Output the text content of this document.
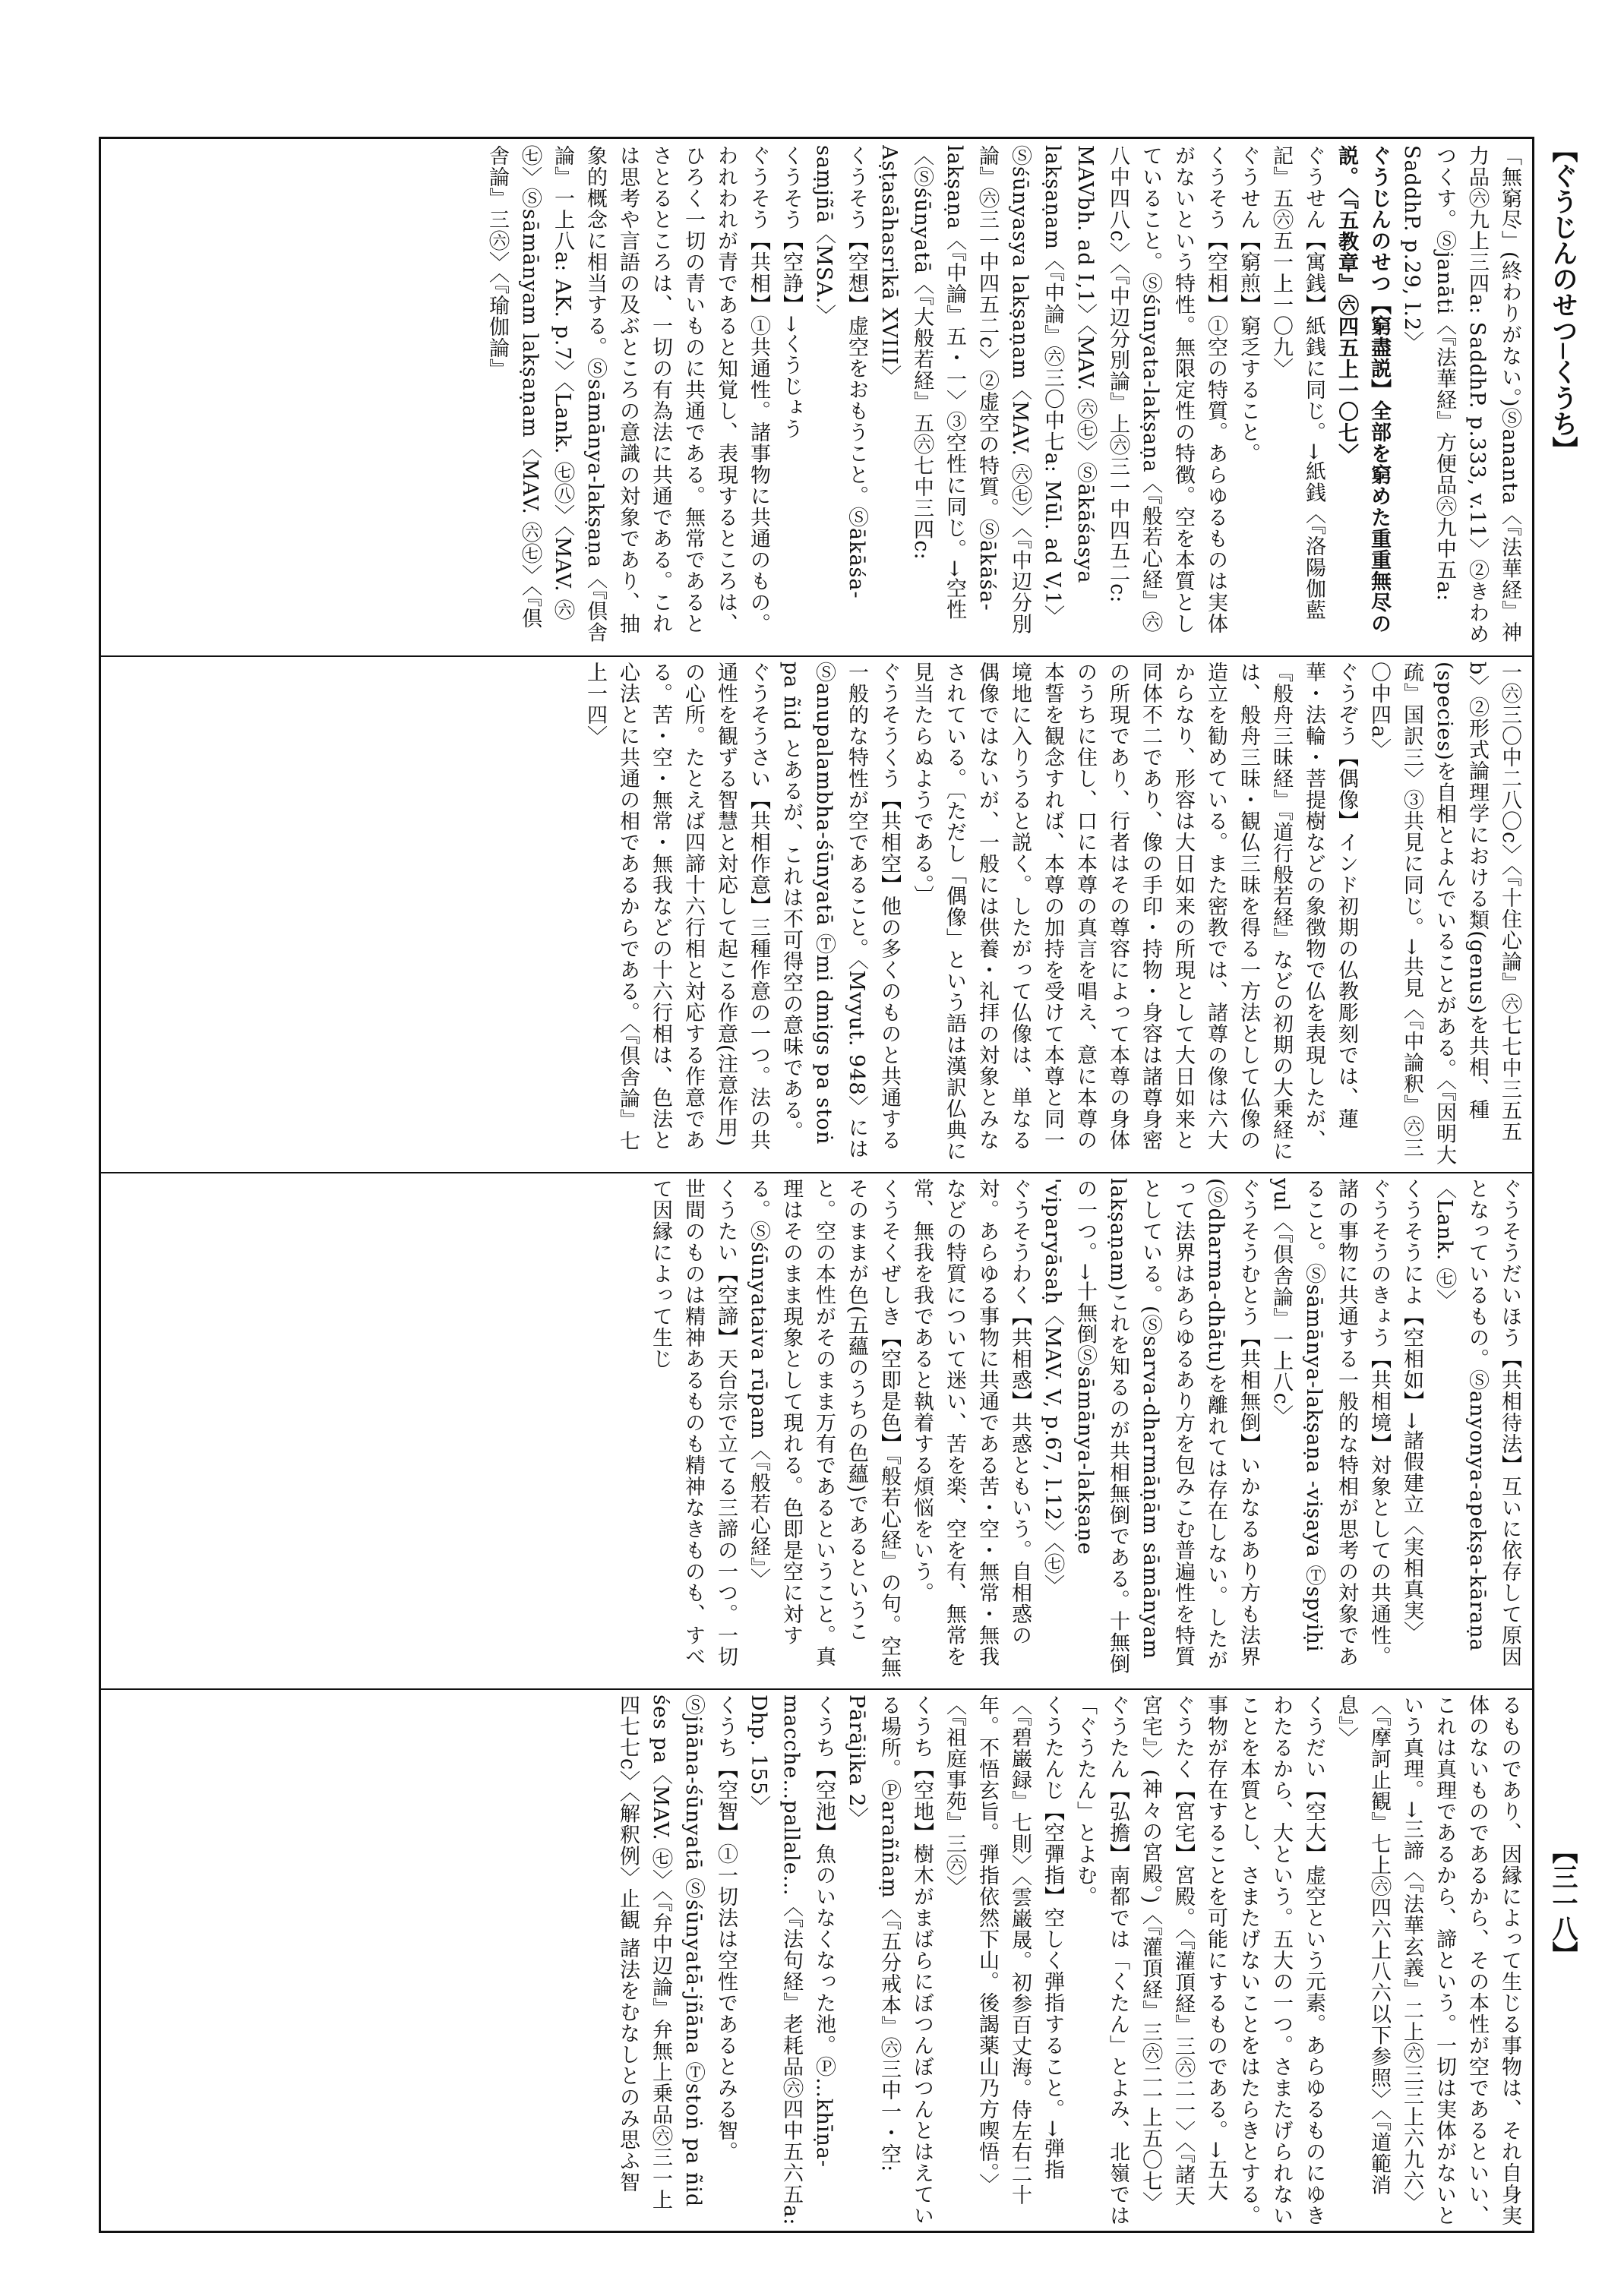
【ぐうじんのせつ─くうち】
【三一八】
「無窮尽」(終わりがない。)Ⓢananta〈『法華経』神力品㊅九㆖三四a: SaddhP. p.333, v.11〉②きわめつくす。Ⓢjanāti〈『法華経』方便品㊅九㆗五a: SaddhP. p.29, l.2〉
ぐうじんのせつ【窮盡説】全部を窮めた重重無尽の説。〈『五教章』㊅四五㆖一〇七〉
ぐうせん【寓銭】紙銭に同じ。→紙銭〈『洛陽伽藍記』五㊅五一㆖一〇九〉
ぐうせん【窮煎】窮乏すること。
くうそう【空相】①空の特質。あらゆるものは実体がないという特性。無限定性の特徴。空を本質としていること。Ⓢśūnyata-lakṣaṇa〈『般若心経』㊅八㆗四八c〉〈『中辺分別論』上㊅三一㆗四五二c: MAVbh. ad I,1〉〈MAV. ㊅㊆〉Ⓢākāśasya lakṣaṇam〈『中論』㊅三〇㆗七a: Mūl. ad V,1〉Ⓢśūnyasya lakṣaṇam〈MAV. ㊅㊆〉〈『中辺分別論』㊅三一㆗四五二c〉②虚空の特質。Ⓢākāśa-lakṣaṇa〈『中論』五・一〉③空性に同じ。→空性〈Ⓢśūnyatā〈『大般若経』五㊅七㆗三四c: Aṣṭasāhasrikā XVIII〉
くうそう【空想】虚空をおもうこと。Ⓢākāśa-saṃjñā〈MSA.〉
くうそう【空諍】→くうじょう
ぐうそう【共相】①共通性。諸事物に共通のもの。われわれが青であると知覚し、表現するところは、ひろく一切の青いものに共通である。無常であるとさとるところは、一切の有為法に共通である。これは思考や言語の及ぶところの意識の対象であり、抽象的概念に相当する。Ⓢsāmānya-lakṣaṇa〈『倶舎論』一㆖八a: AK. p.7〉〈Lank. ㊆㊇〉〈MAV. ㊅㊆〉Ⓢsāmānyam lakṣaṇam〈MAV. ㊅㊆〉〈『倶舎論』三㊅〉〈『瑜伽論』
一㊅三〇㆗二八〇c〉〈『十住心論』㊅七七㆗三五五b〉②形式論理学における類(genus)を共相、種(species)を自相とよんでいることがある。〈『因明大疏』国訳三〉③共見に同じ。→共見〈『中論釈』㊅三〇㆗四a〉
ぐうぞう【偶像】インド初期の仏教彫刻では、蓮華・法輪・菩提樹などの象徴物で仏を表現したが、『般舟三昧経』『道行般若経』などの初期の大乗経には、般舟三昧・観仏三昧を得る一方法として仏像の造立を勧めている。また密教では、諸尊の像は六大からなり、形容は大日如来の所現として大日如来と同体不二であり、像の手印・持物・身容は諸尊身密の所現であり、行者はその尊容によって本尊の身体のうちに住し、口に本尊の真言を唱え、意に本尊の本誓を観念すれば、本尊の加持を受けて本尊と同一境地に入りうると説く。したがって仏像は、単なる偶像ではないが、一般には供養・礼拝の対象とみなされている。〔ただし「偶像」という語は漢訳仏典に見当たらぬようである。〕
ぐうそうくう【共相空】他の多くのものと共通する一般的な特性が空であること。〈Mvyut. 948〉にはⓈanupalambha-śūnyatā Ⓣmi dmigs pa stoṅ pa ñid とあるが、これは不可得空の意味である。
ぐうそうさい【共相作意】三種作意の一つ。法の共通性を観ずる智慧と対応して起こる作意(注意作用)の心所。たとえば四諦十六行相と対応する作意である。苦・空・無常・無我などの十六行相は、色法と心法とに共通の相であるからである。〈『倶舎論』七㆖一四〉
ぐうそうだいほう【共相待法】互いに依存して原因となっているもの。Ⓢanyonya-apekṣa-kāraṇa〈Lank. ㊆〉
くうそうによ【空相如】→諸假建立〈実相真実〉
ぐうそうのきょう【共相境】対象としての共通性。諸の事物に共通する一般的な特相が思考の対象であること。Ⓢsāmānya-lakṣaṇa -viṣaya Ⓣspyiḥi yul〈『倶舎論』一㆖八c〉
ぐうそうむとう【共相無倒】いかなるあり方も法界(Ⓢdharma-dhātu)を離れては存在しない。したがって法界はあらゆるあり方を包みこむ普遍性を特質としている。(Ⓢsarva-dharmāṇām sāmānyam lakṣaṇam)これを知るのが共相無倒である。十無倒の一つ。→十無倒Ⓢsāmānya-lakṣaṇe 'viparyāsaḥ〈MAV. V, p.67, l.12〉〈㊆〉
ぐうそうわく【共相惑】共惑ともいう。自相惑の対。あらゆる事物に共通である苦・空・無常・無我などの特質について迷い、苦を楽、空を有、無常を常、無我を我であると執着する煩悩をいう。
くうそくぜしき【空即是色】『般若心経』の句。空無そのままが色(五蘊のうちの色蘊)であるということ。空の本性がそのまま万有であるということ。真理はそのまま現象として現れる。色即是空に対する。Ⓢśūnyataiva rūpam〈『般若心経』〉
くうたい【空諦】天台宗で立てる三諦の一つ。一切世間のものは精神あるものも精神なきものも、すべて因縁によって生じ
るものであり、因縁によって生じる事物は、それ自身実体のないものであるから、その本性が空であるといい、これは真理であるから、諦という。一切は実体がないという真理。→三諦〈『法華玄義』二上㊅三三㆖六九六〉〈『摩訶止観』七上㊅四六㆖八六以下参照〉〈『道範消息』〉
くうだい【空大】虚空という元素。あらゆるものにゆきわたるから、大という。五大の一つ。さまたげられないことを本質とし、さまたげないことをはたらきとする。事物が存在することを可能にするものである。→五大
ぐうたく【宮宅】宮殿。〈『灌頂経』三㊅二一〉〈『諸天宮宅』〉(神々の宮殿。)〈『灌頂経』三㊅二一㆖五〇七〉
ぐうたん【弘擔】南都では「くたん」とよみ、北嶺では「ぐうたん」とよむ。
くうたんじ【空彈指】空しく弾指すること。→弾指〈『碧巌録』七則〉〈雲巌晟。初参百丈海。侍左右二十年。不悟玄旨。弾指依然下山。後謁薬山乃方喫悟。〉〈『祖庭事苑』三㊅〉
くうち【空地】樹木がまばらにぼつんぼつんとはえている場所。Ⓟaraññaṃ〈『五分戒本』㊅三㆗一・空: Pārājika 2〉
くうち【空池】魚のいなくなった池。Ⓟ…khīṇa-macche…pallale…〈『法句経』老耗品㊅四㆗五六五a: Dhp. 155〉
くうち【空智】①一切法は空性であるとみる智。Ⓢjñāna-śūnyatā Ⓢśūnyatā-jñāna Ⓣstoṅ pa ñid śes pa〈MAV. ㊆〉〈『弁中辺論』弁無上乗品㊅三一㆖四七七c〉〈解釈例〉止観 諸法をむなしとのみ思ふ智
